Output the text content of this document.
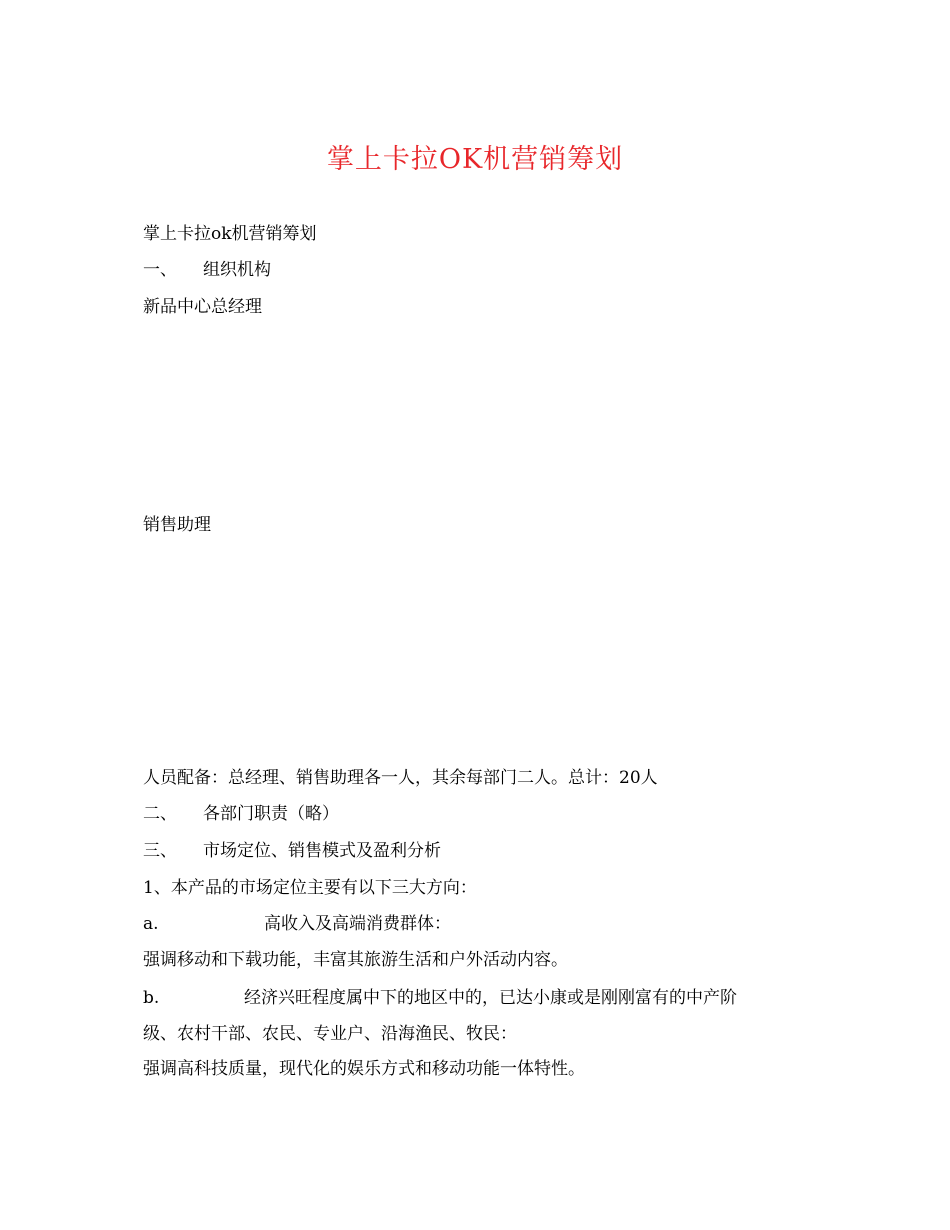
掌上卡拉OK机营销筹划
掌上卡拉ok机营销筹划
一、 组织机构
新品中心总经理
销售助理
人员配备：总经理、销售助理各一人，其余每部门二人。总计：20人
二、 各部门职责（略）
三、 市场定位、销售模式及盈利分析
1、本产品的市场定位主要有以下三大方向：
a.	高收入及高端消费群体：
强调移动和下载功能，丰富其旅游生活和户外活动内容。
b.	经济兴旺程度属中下的地区中的，已达小康或是刚刚富有的中产阶
级、农村干部、农民、专业户、沿海渔民、牧民：
强调高科技质量，现代化的娱乐方式和移动功能一体特性。
